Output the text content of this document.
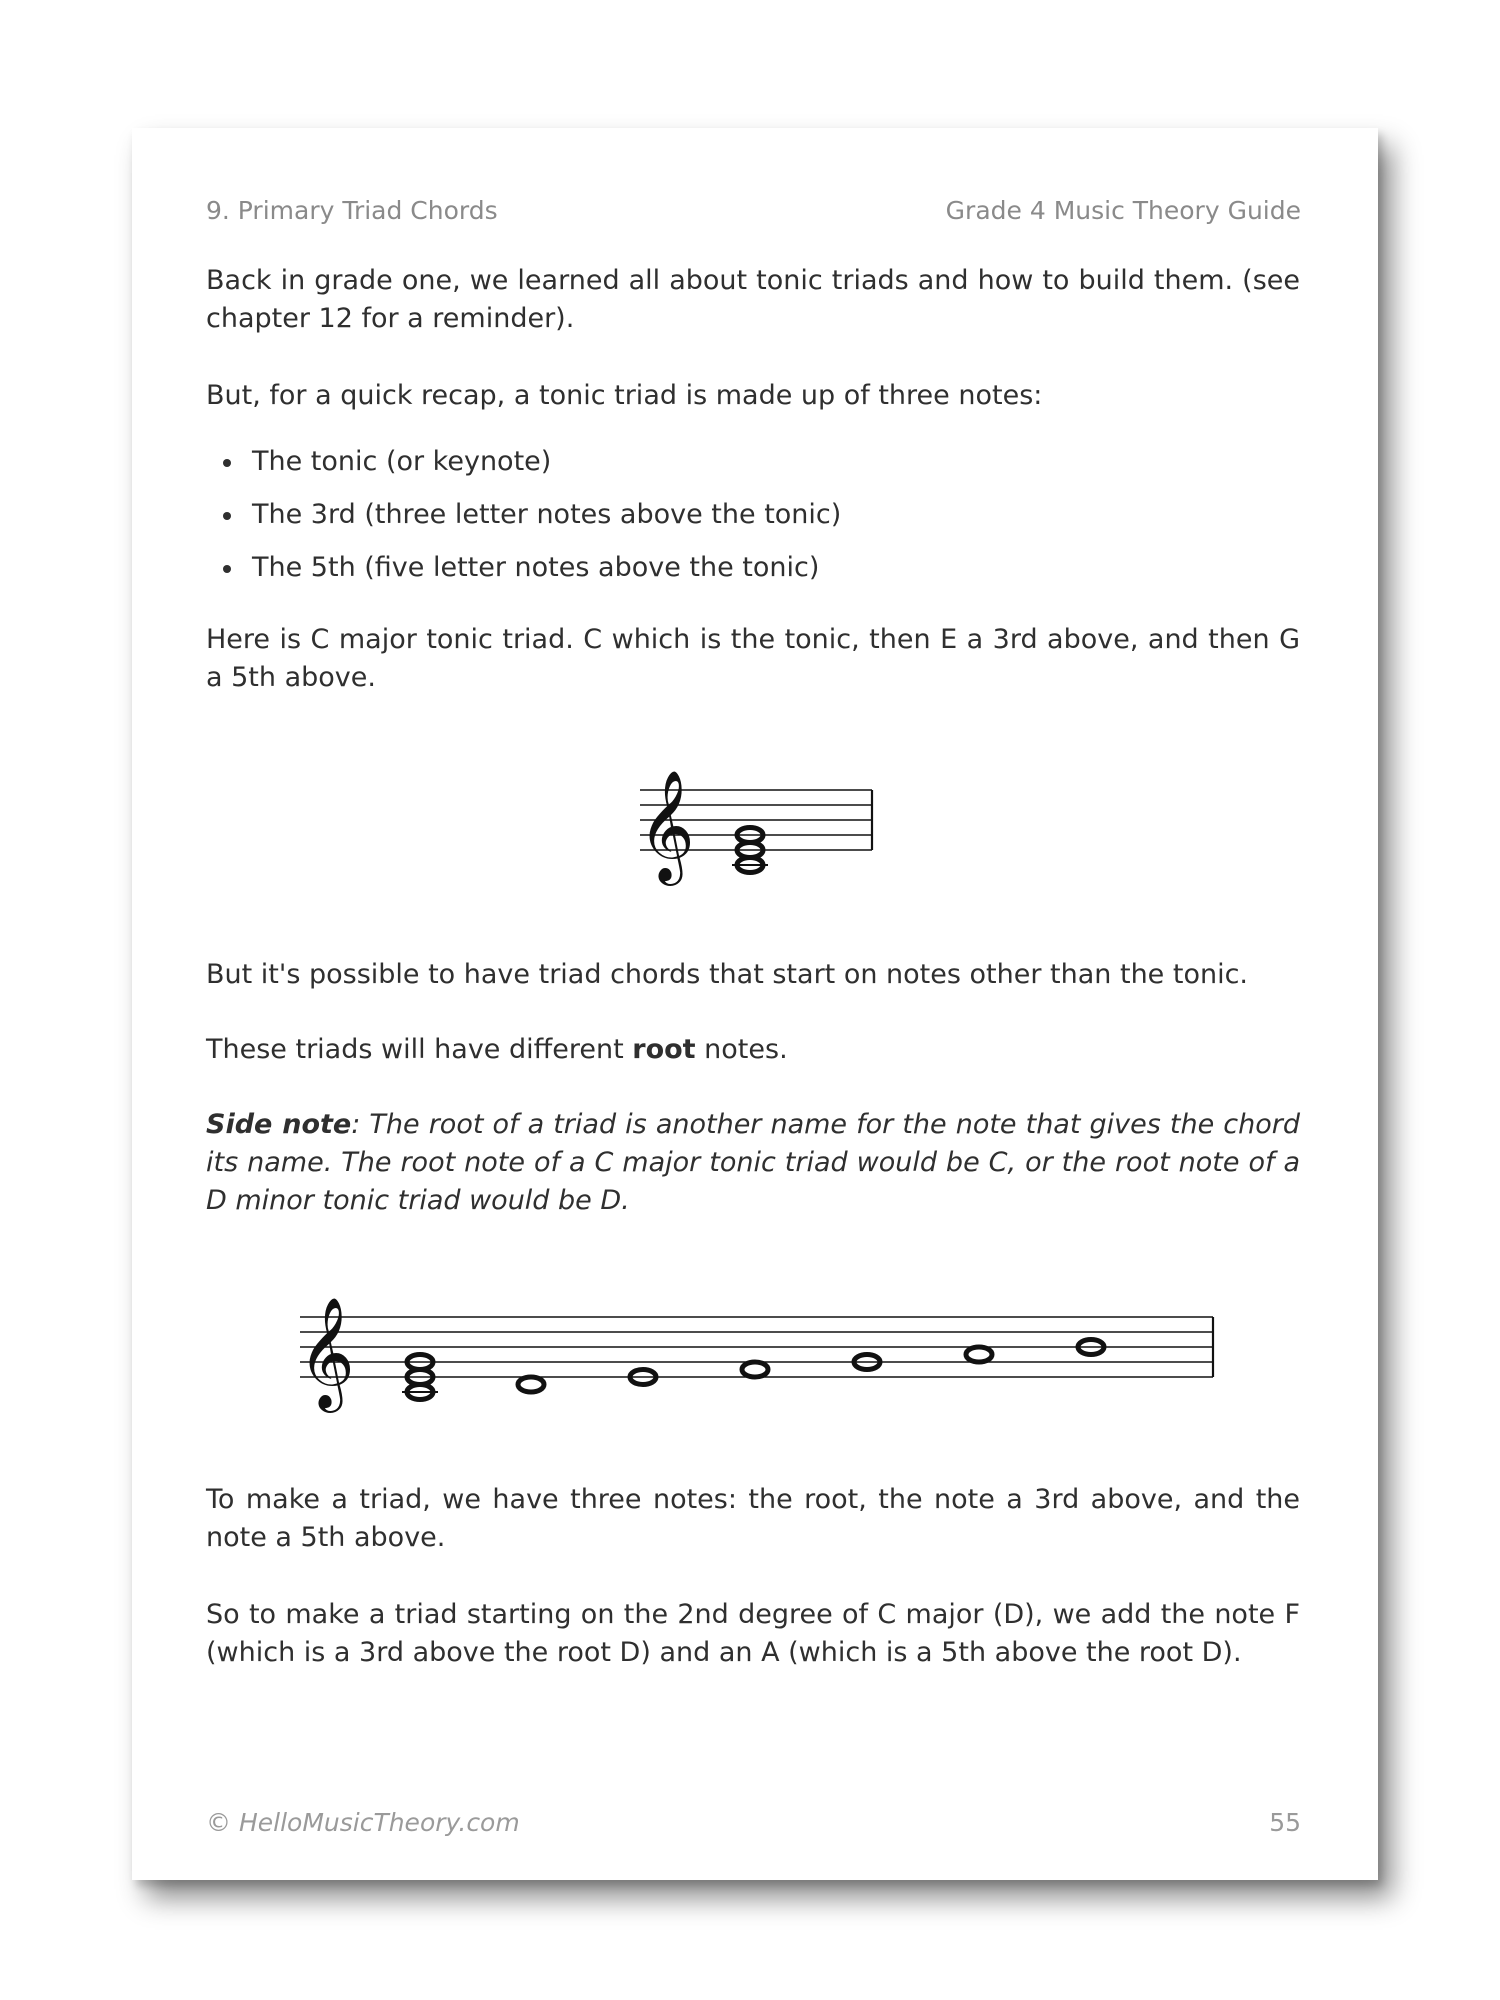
9. Primary Triad Chords	Grade 4 Music Theory Guide

Back in grade one, we learned all about tonic triads and how to build them. (see chapter 12 for a reminder).

But, for a quick recap, a tonic triad is made up of three notes:

The tonic (or keynote)
The 3rd (three letter notes above the tonic)
The 5th (five letter notes above the tonic)

Here is C major tonic triad. C which is the tonic, then E a 3rd above, and then G a 5th above.

𝄞

But it's possible to have triad chords that start on notes other than the tonic.

These triads will have different root notes.

Side note: The root of a triad is another name for the note that gives the chord its name. The root note of a C major tonic triad would be C, or the root note of a D minor tonic triad would be D.

𝄞

To make a triad, we have three notes: the root, the note a 3rd above, and the note a 5th above.

So to make a triad starting on the 2nd degree of C major (D), we add the note F (which is a 3rd above the root D) and an A (which is a 5th above the root D).

© HelloMusicTheory.com	55
